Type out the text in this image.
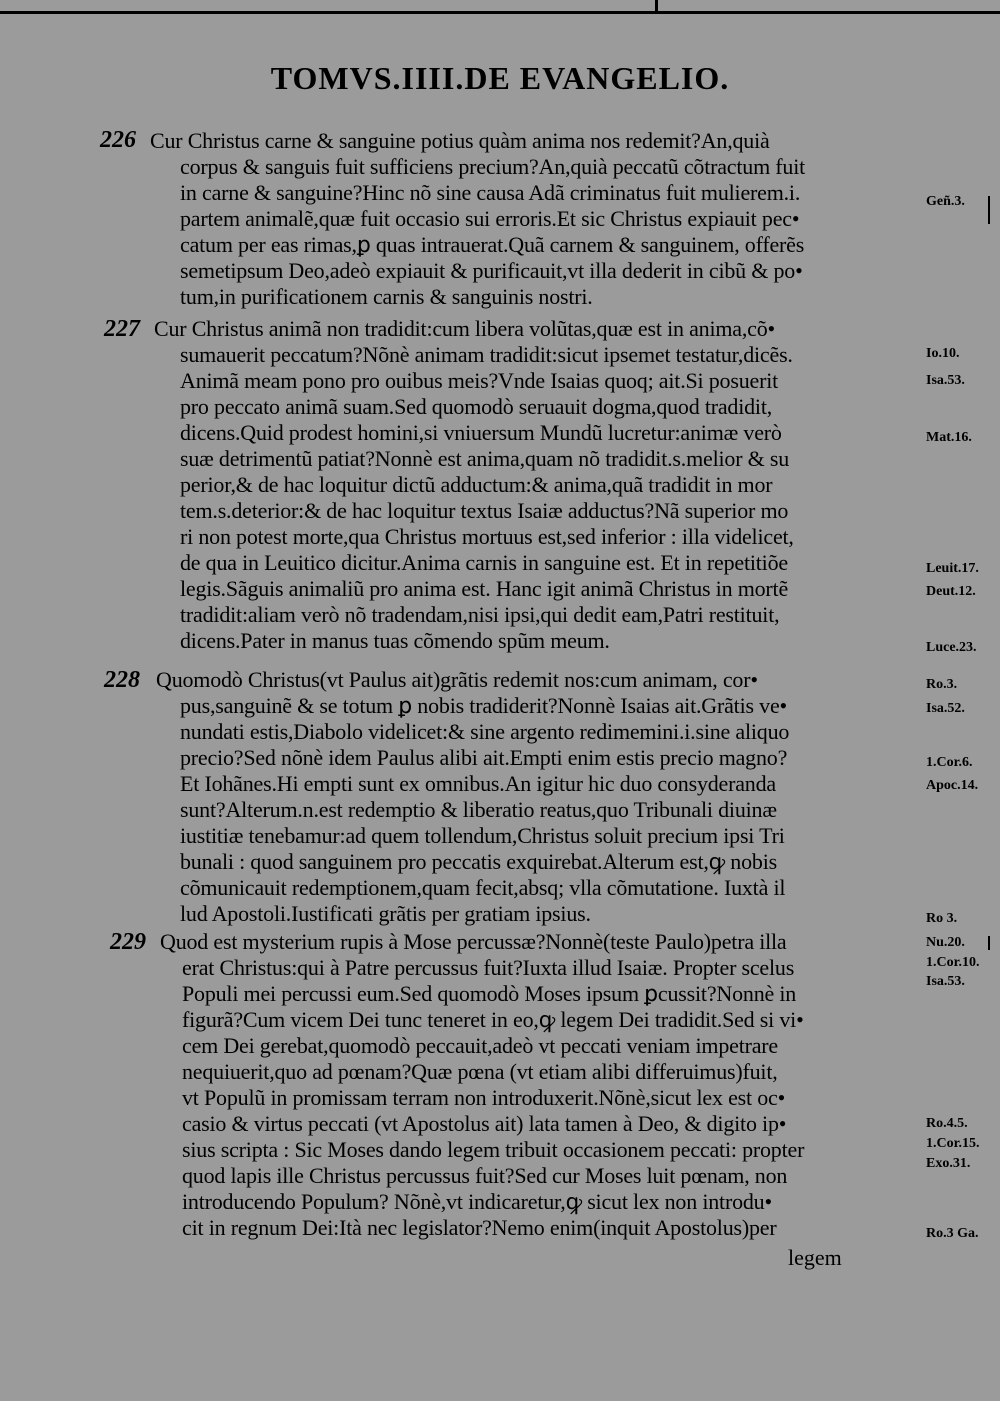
TOMVS.IIII.DE EVANGELIO.
226 Cur Christus carne & sanguine potius quàm anima nos redemit?An,quià
corpus & sanguis fuit sufficiens precium?An,quià peccatũ cõtractum fuit
in carne & sanguine?Hinc nõ sine causa Adã criminatus fuit mulierem.i.
partem animalẽ,quæ fuit occasio sui erroris.Et sic Christus expiauit pec•
catum per eas rimas,ꝑ quas intrauerat.Quã carnem & sanguinem, offerẽs
semetipsum Deo,adeò expiauit & purificauit,vt illa dederit in cibũ & po•
tum,in purificationem carnis & sanguinis nostri.
Geñ.3.
227 Cur Christus animã non tradidit:cum libera volũtas,quæ est in anima,cõ•
sumauerit peccatum?Nõnè animam tradidit:sicut ipsemet testatur,dicẽs.
Animã meam pono pro ouibus meis?Vnde Isaias quoq; ait.Si posuerit
pro peccato animã suam.Sed quomodò seruauit dogma,quod tradidit,
dicens.Quid prodest homini,si vniuersum Mundũ lucretur:animæ verò
suæ detrimentũ patiat?Nonnè est anima,quam nõ tradidit.s.melior & su
perior,& de hac loquitur dictũ adductum:& anima,quã tradidit in mor
tem.s.deterior:& de hac loquitur textus Isaiæ adductus?Nã superior mo
ri non potest morte,qua Christus mortuus est,sed inferior : illa videlicet,
de qua in Leuitico dicitur.Anima carnis in sanguine est. Et in repetitiõe
legis.Sãguis animaliũ pro anima est. Hanc igit animã Christus in mortẽ
tradidit:aliam verò nõ tradendam,nisi ipsi,qui dedit eam,Patri restituit,
dicens.Pater in manus tuas cõmendo spũm meum.
Io.10.
Isa.53.
Mat.16.
Leuit.17.
Deut.12.
Luce.23.
228 Quomodò Christus(vt Paulus ait)grãtis redemit nos:cum animam, cor•
pus,sanguinẽ & se totum ꝑ nobis tradiderit?Nonnè Isaias ait.Grãtis ve•
nundati estis,Diabolo videlicet:& sine argento redimemini.i.sine aliquo
precio?Sed nõnè idem Paulus alibi ait.Empti enim estis precio magno?
Et Iohãnes.Hi empti sunt ex omnibus.An igitur hic duo consyderanda
sunt?Alterum.n.est redemptio & liberatio reatus,quo Tribunali diuinæ
iustitiæ tenebamur:ad quem tollendum,Christus soluit precium ipsi Tri
bunali : quod sanguinem pro peccatis exquirebat.Alterum est,ꝙ nobis
cõmunicauit redemptionem,quam fecit,absq; vlla cõmutatione. Iuxtà il
lud Apostoli.Iustificati grãtis per gratiam ipsius.
Ro.3.
Isa.52.
1.Cor.6.
Apoc.14.
Ro 3.
229 Quod est mysterium rupis à Mose percussæ?Nonnè(teste Paulo)petra illa
erat Christus:qui à Patre percussus fuit?Iuxta illud Isaiæ. Propter scelus
Populi mei percussi eum.Sed quomodò Moses ipsum ꝑcussit?Nonnè in
figurã?Cum vicem Dei tunc teneret in eo,ꝙ legem Dei tradidit.Sed si vi•
cem Dei gerebat,quomodò peccauit,adeò vt peccati veniam impetrare
nequiuerit,quo ad pœnam?Quæ pœna (vt etiam alibi differuimus)fuit,
vt Populũ in promissam terram non introduxerit.Nõnè,sicut lex est oc•
casio & virtus peccati (vt Apostolus ait) lata tamen à Deo, & digito ip•
sius scripta : Sic Moses dando legem tribuit occasionem peccati: propter
quod lapis ille Christus percussus fuit?Sed cur Moses luit pœnam, non
introducendo Populum? Nõnè,vt indicaretur,ꝙ sicut lex non introdu•
cit in regnum Dei:Ità nec legislator?Nemo enim(inquit Apostolus)per
Nu.20.
1.Cor.10.
Isa.53.
Ro.4.5.
1.Cor.15.
Exo.31.
Ro.3 Ga.
legem
